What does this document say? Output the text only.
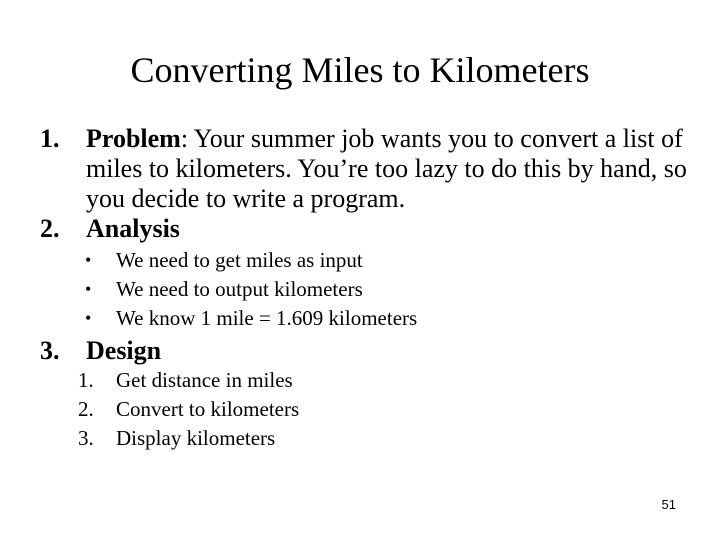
Converting Miles to Kilometers
1. Problem: Your summer job wants you to convert a list of miles to kilometers. You’re too lazy to do this by hand, so you decide to write a program.
2. Analysis
•	We need to get miles as input
•	We need to output kilometers
•	We know 1 mile = 1.609 kilometers
3. Design
1.	Get distance in miles
2.	Convert to kilometers
3.	Display kilometers
51
